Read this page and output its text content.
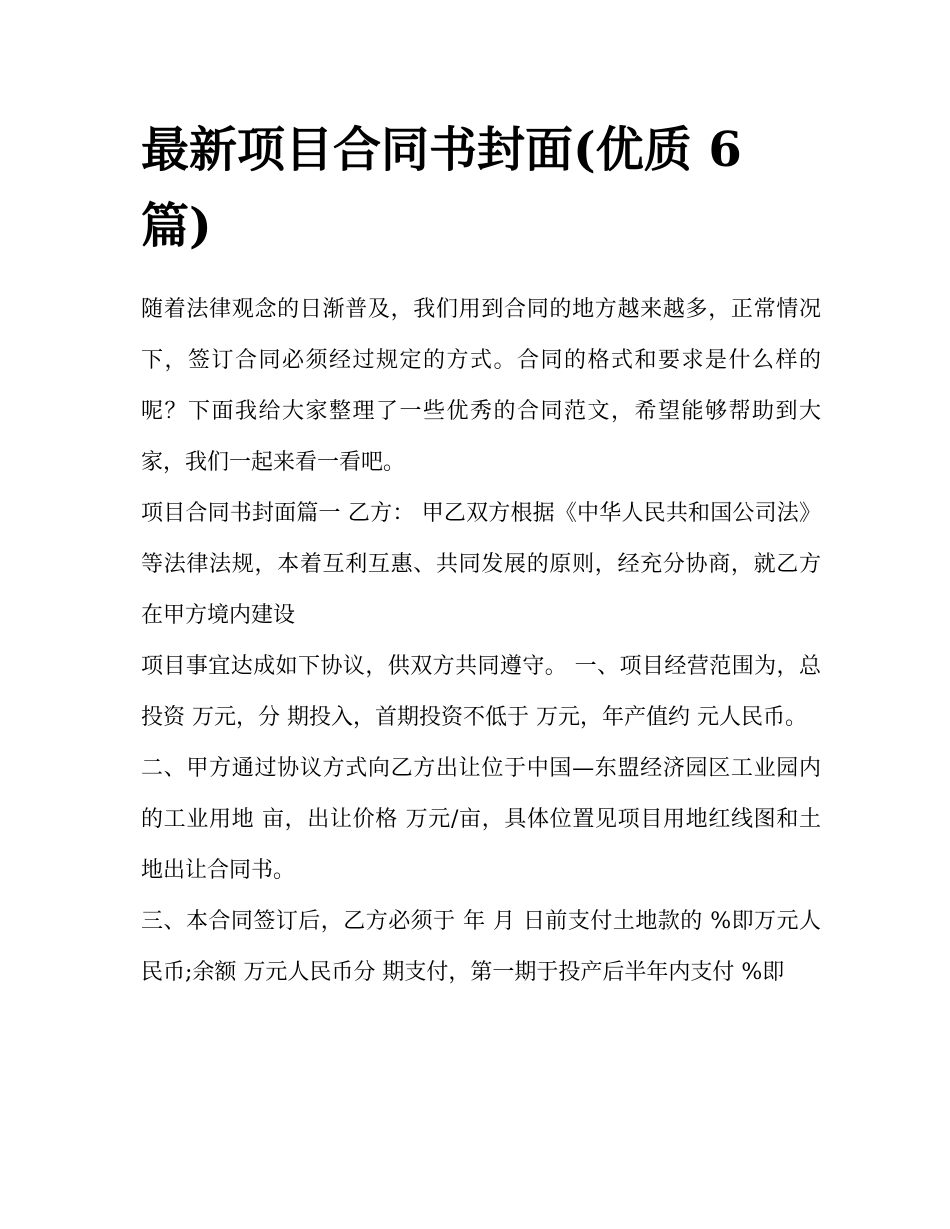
最新项目合同书封面(优质 6 篇)

随着法律观念的日渐普及，我们用到合同的地方越来越多，正常情况下，签订合同必须经过规定的方式。合同的格式和要求是什么样的呢？下面我给大家整理了一些优秀的合同范文，希望能够帮助到大家，我们一起来看一看吧。

项目合同书封面篇一 乙方： 甲乙双方根据《中华人民共和国公司法》等法律法规，本着互利互惠、共同发展的原则，经充分协商，就乙方在甲方境内建设

项目事宜达成如下协议，供双方共同遵守。 一、项目经营范围为，总投资 万元，分 期投入，首期投资不低于 万元，年产值约 元人民币。

二、甲方通过协议方式向乙方出让位于中国—东盟经济园区工业园内的工业用地 亩，出让价格 万元/亩，具体位置见项目用地红线图和土地出让合同书。

三、本合同签订后，乙方必须于 年 月 日前支付土地款的 %即万元人民币;余额 万元人民币分 期支付，第一期于投产后半年内支付 %即
